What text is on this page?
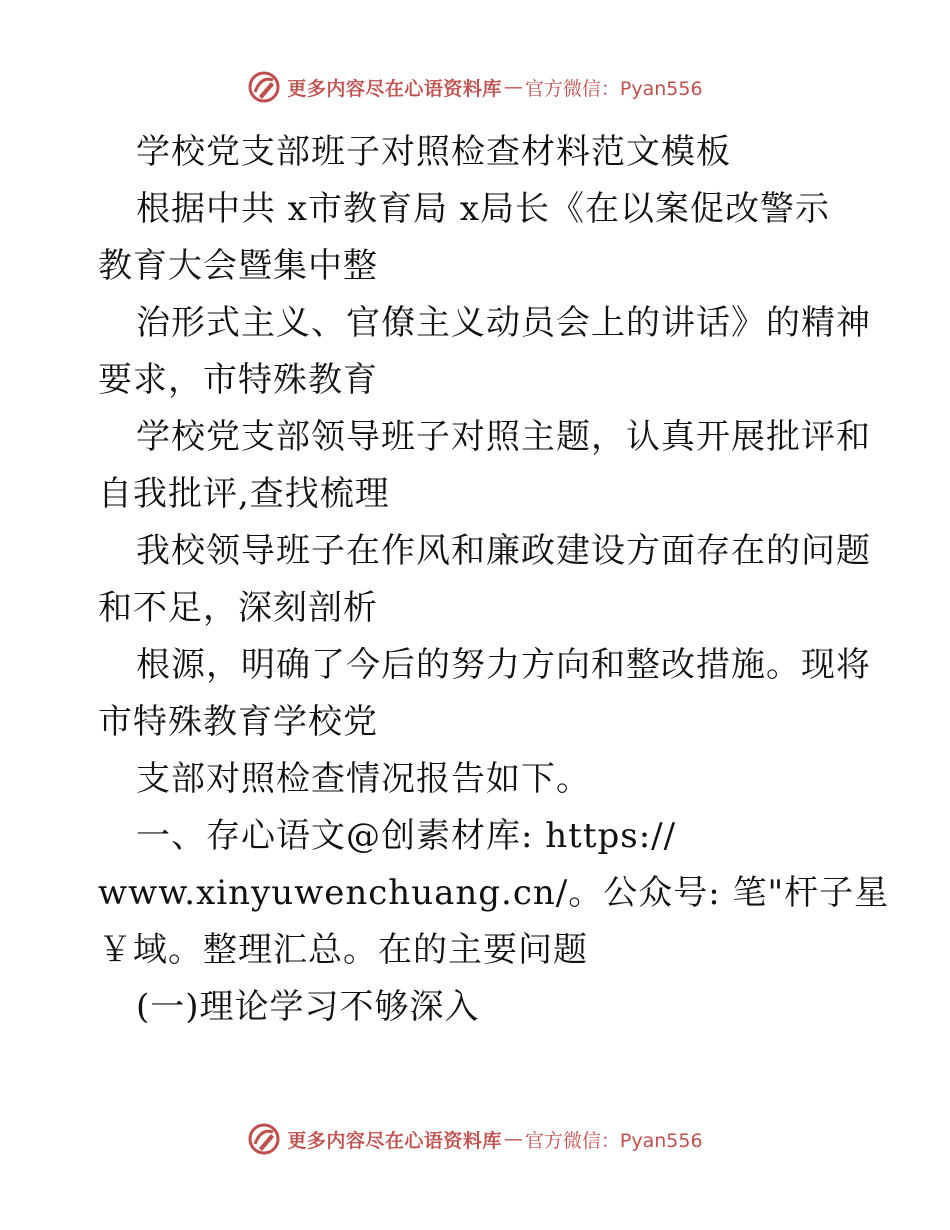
更多内容尽在心语资料库 — 官方微信：Pyan556
学校党支部班子对照检查材料范文模板
根据中共 x市教育局 x局长《在以案促改警示
教育大会暨集中整
治形式主义、官僚主义动员会上的讲话》的精神
要求，市特殊教育
学校党支部领导班子对照主题，认真开展批评和
自我批评,查找梳理
我校领导班子在作风和廉政建设方面存在的问题
和不足，深刻剖析
根源，明确了今后的努力方向和整改措施。现将
市特殊教育学校党
支部对照检查情况报告如下。
一、存心语文@创素材库: https://
www.xinyuwenchuang.cn/。公众号: 笔"杆子星
￥域。整理汇总。在的主要问题
(一)理论学习不够深入
更多内容尽在心语资料库 — 官方微信：Pyan556
